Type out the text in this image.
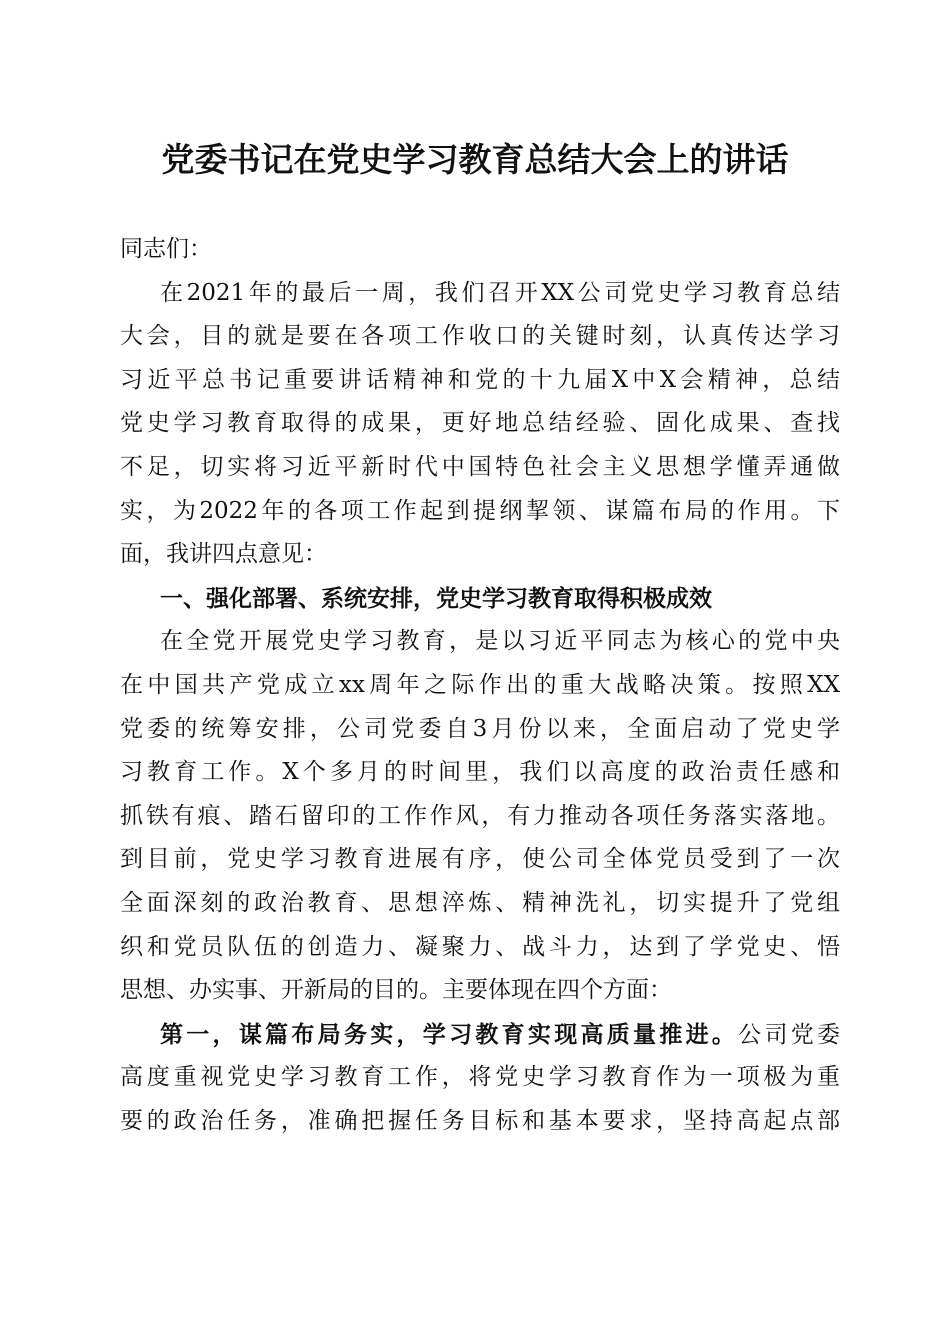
党委书记在党史学习教育总结大会上的讲话
同志们：
在2021年的最后一周，我们召开XX公司党史学习教育总结
大会，目的就是要在各项工作收口的关键时刻，认真传达学习
习近平总书记重要讲话精神和党的十九届X中X会精神，总结
党史学习教育取得的成果，更好地总结经验、固化成果、查找
不足，切实将习近平新时代中国特色社会主义思想学懂弄通做
实，为2022年的各项工作起到提纲挈领、谋篇布局的作用。下
面，我讲四点意见：
一、强化部署、系统安排，党史学习教育取得积极成效
在全党开展党史学习教育，是以习近平同志为核心的党中央
在中国共产党成立xx周年之际作出的重大战略决策。按照XX
党委的统筹安排，公司党委自3月份以来，全面启动了党史学
习教育工作。X个多月的时间里，我们以高度的政治责任感和
抓铁有痕、踏石留印的工作作风，有力推动各项任务落实落地。
到目前，党史学习教育进展有序，使公司全体党员受到了一次
全面深刻的政治教育、思想淬炼、精神洗礼，切实提升了党组
织和党员队伍的创造力、凝聚力、战斗力，达到了学党史、悟
思想、办实事、开新局的目的。主要体现在四个方面：
第一，谋篇布局务实，学习教育实现高质量推进。公司党委
高度重视党史学习教育工作，将党史学习教育作为一项极为重
要的政治任务，准确把握任务目标和基本要求，坚持高起点部
